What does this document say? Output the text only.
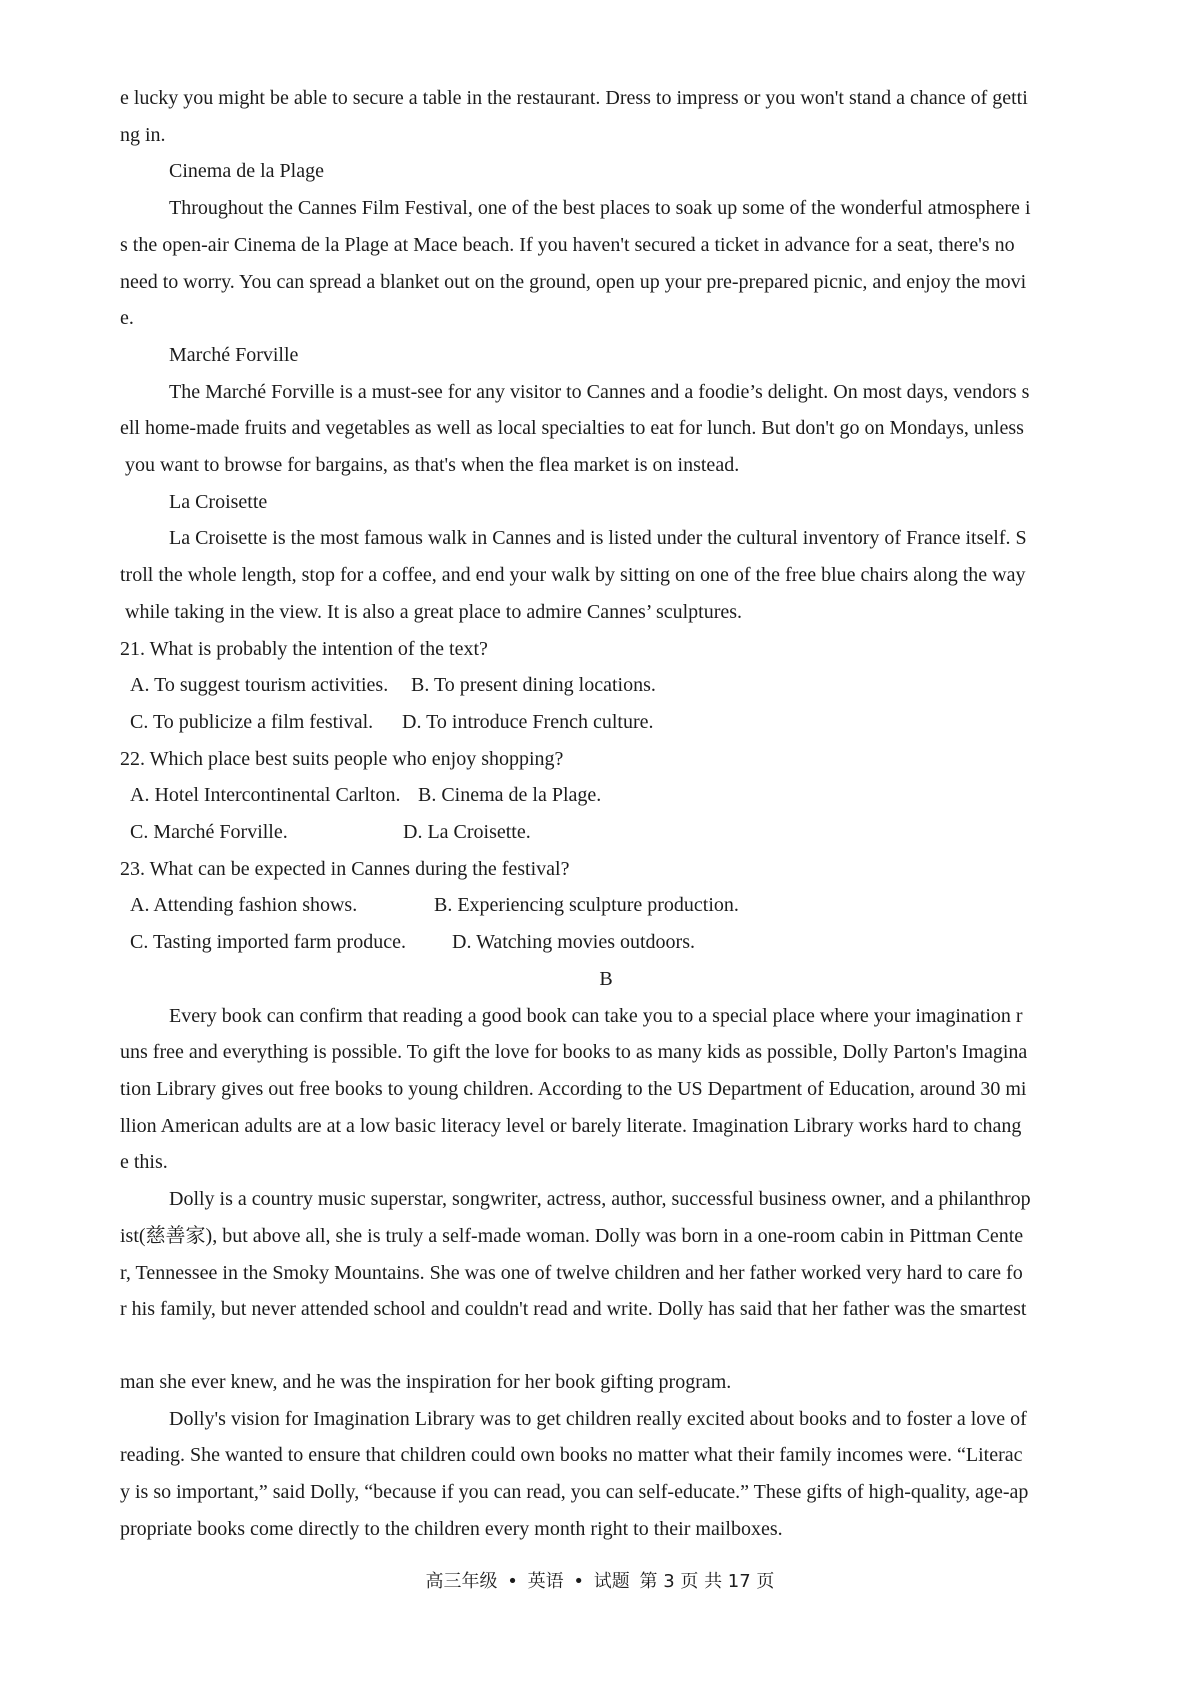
e lucky you might be able to secure a table in the restaurant. Dress to impress or you won't stand a chance of getti
ng in.
Cinema de la Plage
Throughout the Cannes Film Festival, one of the best places to soak up some of the wonderful atmosphere i
s the open-air Cinema de la Plage at Mace beach. If you haven't secured a ticket in advance for a seat, there's no
need to worry. You can spread a blanket out on the ground, open up your pre-prepared picnic, and enjoy the movi
e.
Marché Forville
The Marché Forville is a must-see for any visitor to Cannes and a foodie’s delight. On most days, vendors s
ell home-made fruits and vegetables as well as local specialties to eat for lunch. But don't go on Mondays, unless
you want to browse for bargains, as that's when the flea market is on instead.
La Croisette
La Croisette is the most famous walk in Cannes and is listed under the cultural inventory of France itself. S
troll the whole length, stop for a coffee, and end your walk by sitting on one of the free blue chairs along the way
while taking in the view. It is also a great place to admire Cannes’ sculptures.
21. What is probably the intention of the text?
A. To suggest tourism activities. B. To present dining locations.
C. To publicize a film festival. D. To introduce French culture.
22. Which place best suits people who enjoy shopping?
A. Hotel Intercontinental Carlton. B. Cinema de la Plage.
C. Marché Forville.	D. La Croisette.
23. What can be expected in Cannes during the festival?
A. Attending fashion shows.	B. Experiencing sculpture production.
C. Tasting imported farm produce. D. Watching movies outdoors.
B
Every book can confirm that reading a good book can take you to a special place where your imagination r
uns free and everything is possible. To gift the love for books to as many kids as possible, Dolly Parton's Imagina
tion Library gives out free books to young children. According to the US Department of Education, around 30 mi
llion American adults are at a low basic literacy level or barely literate. Imagination Library works hard to chang
e this.
Dolly is a country music superstar, songwriter, actress, author, successful business owner, and a philanthrop
ist(慈善家), but above all, she is truly a self-made woman. Dolly was born in a one-room cabin in Pittman Cente
r, Tennessee in the Smoky Mountains. She was one of twelve children and her father worked very hard to care fo
r his family, but never attended school and couldn't read and write. Dolly has said that her father was the smartest
man she ever knew, and he was the inspiration for her book gifting program.
Dolly's vision for Imagination Library was to get children really excited about books and to foster a love of
reading. She wanted to ensure that children could own books no matter what their family incomes were. “Literac
y is so important,” said Dolly, “because if you can read, you can self-educate.” These gifts of high-quality, age-ap
propriate books come directly to the children every month right to their mailboxes.
高三年级 • 英语 • 试题 第 3 页 共 17 页
